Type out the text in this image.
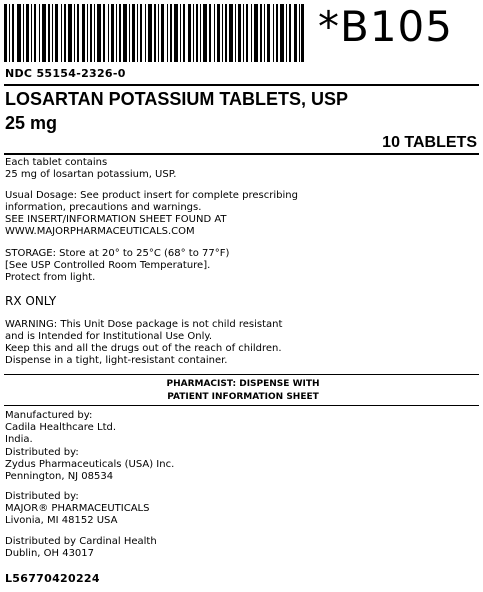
*B105
NDC 55154-2326-0
LOSARTAN POTASSIUM TABLETS, USP
25 mg
10 TABLETS
Each tablet contains
25 mg of losartan potassium, USP.
Usual Dosage: See product insert for complete prescribing
information, precautions and warnings.
SEE INSERT/INFORMATION SHEET FOUND AT
WWW.MAJORPHARMACEUTICALS.COM
STORAGE: Store at 20° to 25°C (68° to 77°F)
[See USP Controlled Room Temperature].
Protect from light.
RX ONLY
WARNING: This Unit Dose package is not child resistant
and is Intended for Institutional Use Only.
Keep this and all the drugs out of the reach of children.
Dispense in a tight, light-resistant container.
PHARMACIST: DISPENSE WITH
PATIENT INFORMATION SHEET
Manufactured by:
Cadila Healthcare Ltd.
India.
Distributed by:
Zydus Pharmaceuticals (USA) Inc.
Pennington, NJ 08534
Distributed by:
MAJOR® PHARMACEUTICALS
Livonia, MI 48152 USA
Distributed by Cardinal Health
Dublin, OH 43017
L56770420224
